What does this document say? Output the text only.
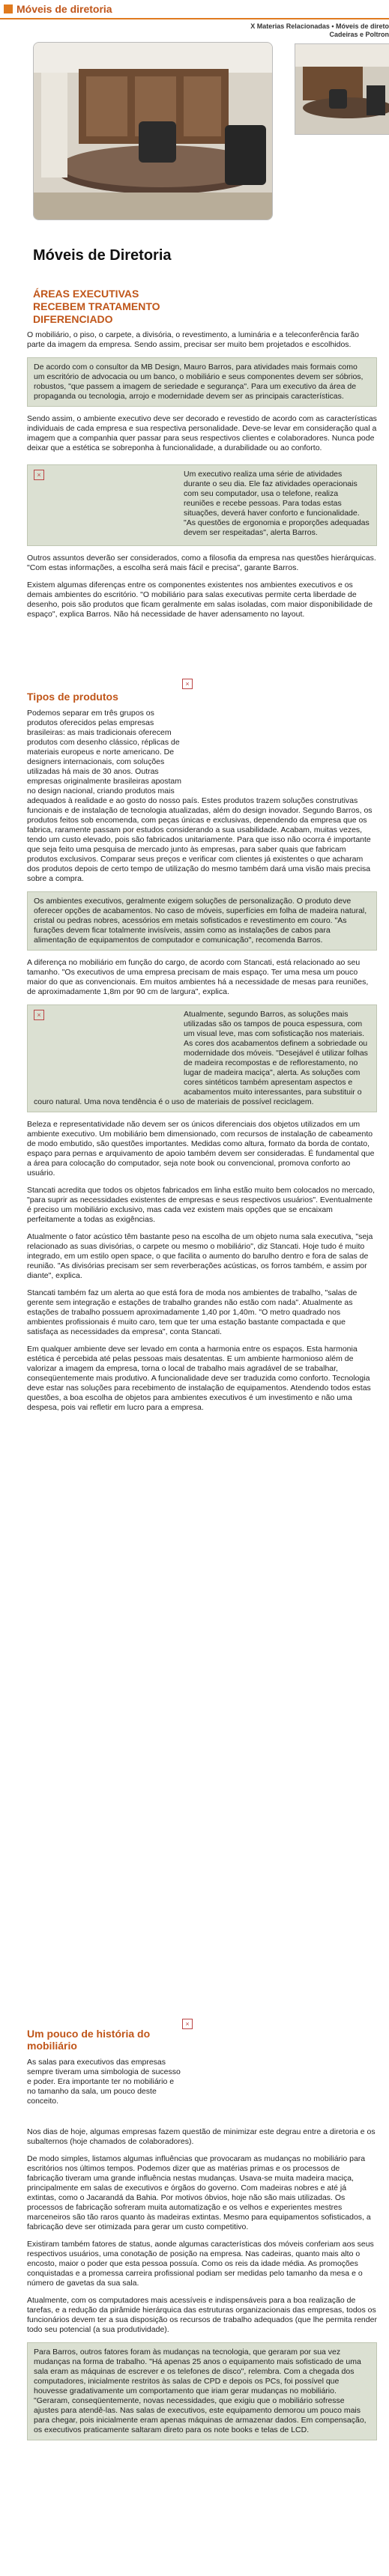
Móveis de diretoria
X Materias Relacionadas • Móveis de direto
Cadeiras e Poltron
Móveis de Diretoria
ÁREAS EXECUTIVAS RECEBEM TRATAMENTO DIFERENCIADO

O mobiliário, o piso, o carpete, a divisória, o revestimento, a luminária e a teleconferência farão parte da imagem da empresa. Sendo assim, precisar ser muito bem projetados e escolhidos.

De acordo com o consultor da MB Design, Mauro Barros, para atividades mais formais como um escritório de advocacia ou um banco, o mobiliário e seus componentes devem ser sóbrios, robustos, "que passem a imagem de seriedade e segurança". Para um executivo da área de propaganda ou tecnologia, arrojo e modernidade devem ser as principais características.

Sendo assim, o ambiente executivo deve ser decorado e revestido de acordo com as características individuais de cada empresa e sua respectiva personalidade. Deve-se levar em consideração qual a imagem que a companhia quer passar para seus respectivos clientes e colaboradores. Nunca pode deixar que a estética se sobreponha à funcionalidade, a durabilidade ou ao conforto.

×	Um executivo realiza uma série de atividades durante o seu dia. Ele faz atividades operacionais com seu computador, usa o telefone, realiza reuniões e recebe pessoas. Para todas estas situações, deverá haver conforto e funcionalidade. "As questões de ergonomia e proporções adequadas devem ser respeitadas", alerta Barros.

Outros assuntos deverão ser considerados, como a filosofia da empresa nas questões hierárquicas. "Com estas informações, a escolha será mais fácil e precisa", garante Barros.

Existem algumas diferenças entre os componentes existentes nos ambientes executivos e os demais ambientes do escritório. "O mobiliário para salas executivas permite certa liberdade de desenho, pois são produtos que ficam geralmente em salas isoladas, com maior disponibilidade de espaço", explica Barros. Não há necessidade de haver adensamento no layout.

×
Tipos de produtos

Podemos separar em três grupos os produtos oferecidos pelas empresas brasileiras: as mais tradicionais oferecem produtos com desenho clássico, réplicas de materiais europeus e norte americano. De designers internacionais, com soluções utilizadas há mais de 30 anos. Outras empresas originalmente brasileiras apostam no design nacional, criando produtos mais adequados à realidade e ao gosto do nosso país. Estes produtos trazem soluções construtivas funcionais e de instalação de tecnologia atualizadas, além do design inovador. Segundo Barros, os produtos feitos sob encomenda, com peças únicas e exclusivas, dependendo da empresa que os fabrica, raramente passam por estudos considerando a sua usabilidade. Acabam, muitas vezes, tendo um custo elevado, pois são fabricados unitariamente. Para que isso não ocorra é importante que seja feito uma pesquisa de mercado junto às empresas, para saber quais que fabricam produtos exclusivos. Comparar seus preços e verificar com clientes já existentes o que acharam dos produtos depois de certo tempo de utilização do mesmo também dará uma visão mais precisa sobre a compra.

Os ambientes executivos, geralmente exigem soluções de personalização. O produto deve oferecer opções de acabamentos. No caso de móveis, superfícies em folha de madeira natural, cristal ou pedras nobres, acessórios em metais sofisticados e revestimento em couro. "As furações devem ficar totalmente invisíveis, assim como as instalações de cabos para alimentação de equipamentos de computador e comunicação", recomenda Barros.

A diferença no mobiliário em função do cargo, de acordo com Stancati, está relacionado ao seu tamanho. "Os executivos de uma empresa precisam de mais espaço. Ter uma mesa um pouco maior do que as convencionais. Em muitos ambientes há a necessidade de mesas para reuniões, de aproximadamente 1,8m por 90 cm de largura", explica.

×	Atualmente, segundo Barros, as soluções mais utilizadas são os tampos de pouca espessura, com um visual leve, mas com sofisticação nos materiais. As cores dos acabamentos definem a sobriedade ou modernidade dos móveis. "Desejável é utilizar folhas de madeira recompostas e de reflorestamento, no lugar de madeira maciça", alerta. As soluções com cores sintéticos também apresentam aspectos e acabamentos muito interessantes, para substituir o couro natural. Uma nova tendência é o uso de materiais de possível reciclagem.

Beleza e representatividade não devem ser os únicos diferenciais dos objetos utilizados em um ambiente executivo. Um mobiliário bem dimensionado, com recursos de instalação de cabeamento de modo embutido, são questões importantes. Medidas como altura, formato da borda de contato, espaço para pernas e arquivamento de apoio também devem ser consideradas. É fundamental que a área para colocação do computador, seja note book ou convencional, promova conforto ao usuário.

Stancati acredita que todos os objetos fabricados em linha estão muito bem colocados no mercado, "para suprir as necessidades existentes de empresas e seus respectivos usuários". Eventualmente é preciso um mobiliário exclusivo, mas cada vez existem mais opções que se encaixam perfeitamente a todas as exigências.

Atualmente o fator acústico têm bastante peso na escolha de um objeto numa sala executiva, "seja relacionado as suas divisórias, o carpete ou mesmo o mobiliário", diz Stancati. Hoje tudo é muito integrado, em um estilo open space, o que facilita o aumento do barulho dentro e fora de salas de reunião. "As divisórias precisam ser sem reverberações acústicas, os forros também, e assim por diante", explica.

Stancati também faz um alerta ao que está fora de moda nos ambientes de trabalho, "salas de gerente sem integração e estações de trabalho grandes não estão com nada". Atualmente as estações de trabalho possuem aproximadamente 1,40 por 1,40m. "O metro quadrado nos ambientes profissionais é muito caro, tem que ter uma estação bastante compactada e que satisfaça as necessidades da empresa", conta Stancati.

Em qualquer ambiente deve ser levado em conta a harmonia entre os espaços. Esta harmonia estética é percebida até pelas pessoas mais desatentas. E um ambiente harmonioso além de valorizar a imagem da empresa, torna o local de trabalho mais agradável de se trabalhar, conseqüentemente mais produtivo. A funcionalidade deve ser traduzida como conforto. Tecnologia deve estar nas soluções para recebimento de instalação de equipamentos. Atendendo todos estas questões, a boa escolha de objetos para ambientes executivos é um investimento e não uma despesa, pois vai refletir em lucro para a empresa.

×
Um pouco de história do mobiliário

As salas para executivos das empresas sempre tiveram uma simbologia de sucesso e poder. Era importante ter no mobiliário e no tamanho da sala, um pouco deste conceito.

Nos dias de hoje, algumas empresas fazem questão de minimizar este degrau entre a diretoria e os subalternos (hoje chamados de colaboradores).

De modo simples, listamos algumas influências que provocaram as mudanças no mobiliário para escritórios nos últimos tempos. Podemos dizer que as matérias primas e os processos de fabricação tiveram uma grande influência nestas mudanças. Usava-se muita madeira maciça, principalmente em salas de executivos e órgãos do governo. Com madeiras nobres e até já extintas, como o Jacarandá da Bahia. Por motivos óbvios, hoje não são mais utilizadas. Os processos de fabricação sofreram muita automatização e os velhos e experientes mestres marceneiros são tão raros quanto às madeiras extintas. Mesmo para equipamentos sofisticados, a fabricação deve ser otimizada para gerar um custo competitivo.

Existiram também fatores de status, aonde algumas características dos móveis conferiam aos seus respectivos usuários, uma conotação de posição na empresa. Nas cadeiras, quanto mais alto o encosto, maior o poder que esta pessoa possuía. Como os reis da idade média. As promoções conquistadas e a promessa carreira profissional podiam ser medidas pelo tamanho da mesa e o número de gavetas da sua sala.

Atualmente, com os computadores mais acessíveis e indispensáveis para a boa realização de tarefas, e a redução da pirâmide hierárquica das estruturas organizacionais das empresas, todos os funcionários devem ter a sua disposição os recursos de trabalho adequados (que lhe permita render todo seu potencial (a sua produtividade).

Para Barros, outros fatores foram às mudanças na tecnologia, que geraram por sua vez mudanças na forma de trabalho. "Há apenas 25 anos o equipamento mais sofisticado de uma sala eram as máquinas de escrever e os telefones de disco", relembra. Com a chegada dos computadores, inicialmente restritos às salas de CPD e depois os PCs, foi possível que houvesse gradativamente um comportamento que iriam gerar mudanças no mobiliário. "Geraram, conseqüentemente, novas necessidades, que exigiu que o mobiliário sofresse ajustes para atendê-las. Nas salas de executivos, este equipamento demorou um pouco mais para chegar, pois inicialmente eram apenas máquinas de armazenar dados. Em compensação, os executivos praticamente saltaram direto para os note books e telas de LCD.
